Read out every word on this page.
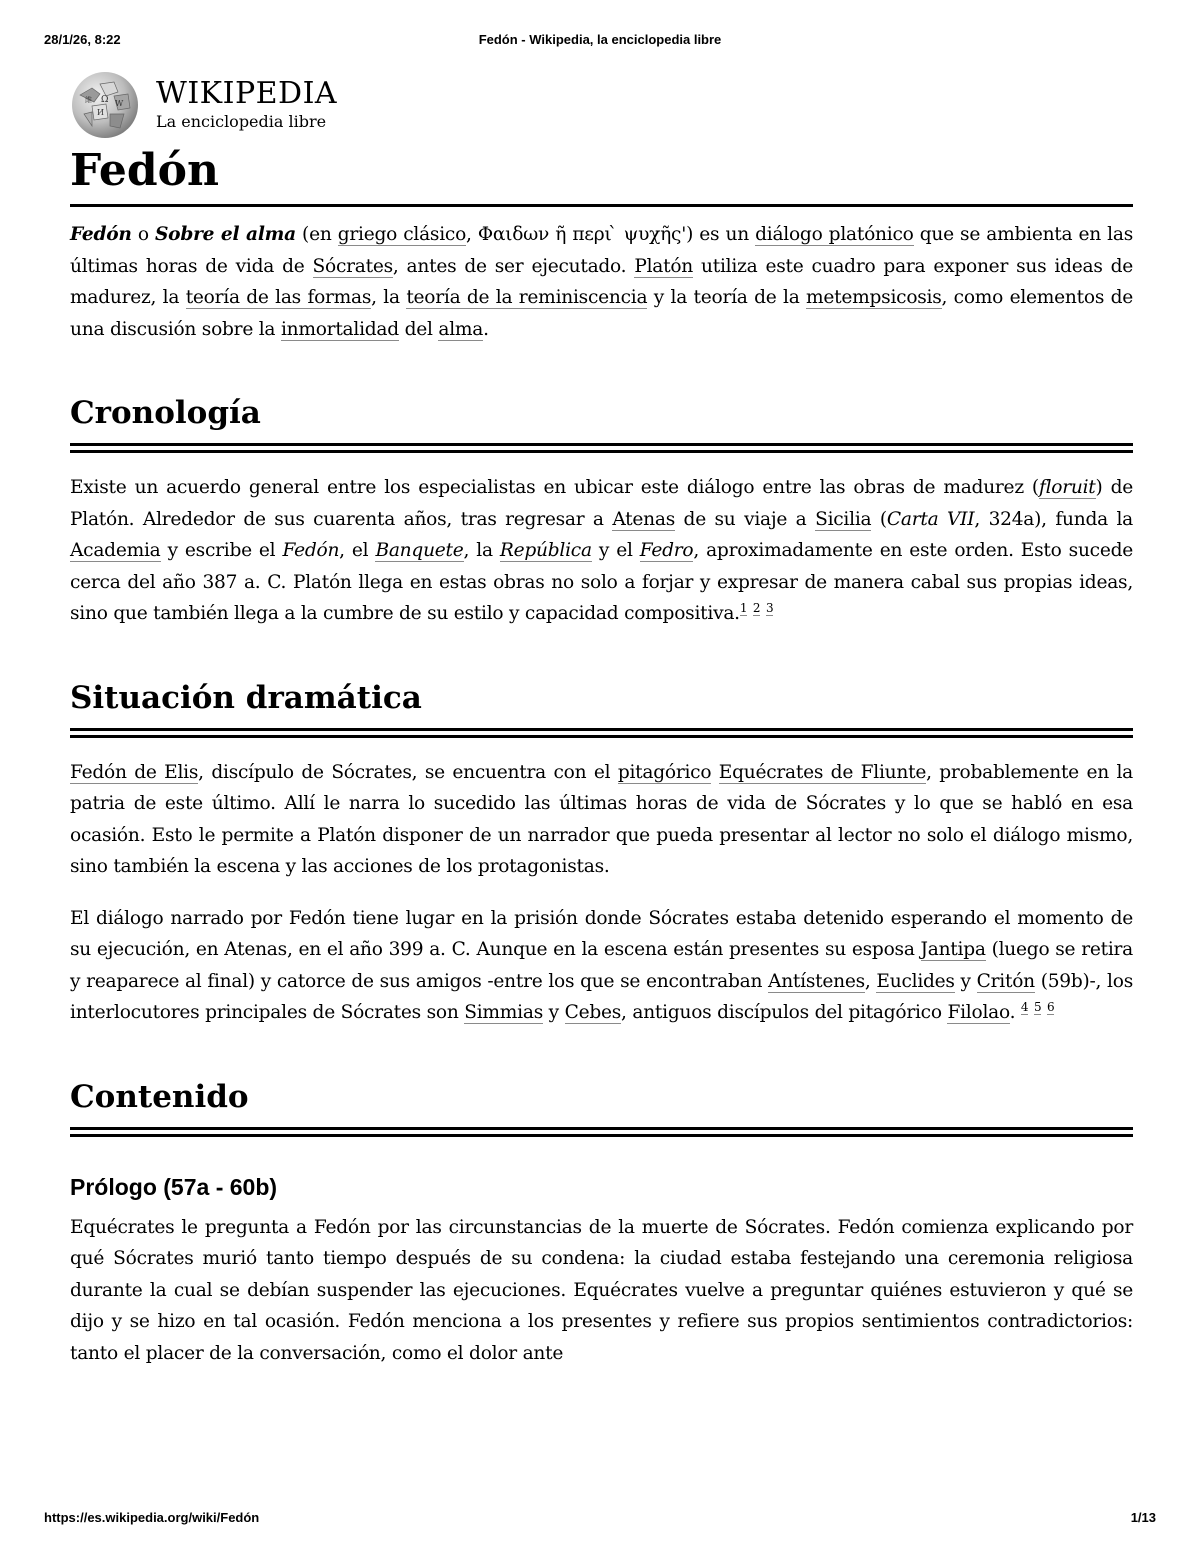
28/1/26, 8:22	Fedón - Wikipedia, la enciclopedia libre
Ω W
И
維 WIKIPEDIA
La enciclopedia libre
Fedón

Fedón o Sobre el alma (en griego clásico, Φαιδων ῆ περι ̀ ψυχῆς') es un diálogo platónico que se ambienta en las últimas horas de vida de Sócrates, antes de ser ejecutado. Platón utiliza este cuadro para exponer sus ideas de madurez, la teoría de las formas, la teoría de la reminiscencia y la teoría de la metempsicosis, como elementos de una discusión sobre la inmortalidad del alma.

Cronología

Existe un acuerdo general entre los especialistas en ubicar este diálogo entre las obras de madurez (floruit) de Platón. Alrededor de sus cuarenta años, tras regresar a Atenas de su viaje a Sicilia (Carta VII, 324a), funda la Academia y escribe el Fedón, el Banquete, la República y el Fedro, aproximadamente en este orden. Esto sucede cerca del año 387 a. C. Platón llega en estas obras no solo a forjar y expresar de manera cabal sus propias ideas, sino que también llega a la cumbre de su estilo y capacidad compositiva.$^1$ $^2$ $^3$

Situación dramática

Fedón de Elis, discípulo de Sócrates, se encuentra con el pitagórico Equécrates de Fliunte, probablemente en la patria de este último. Allí le narra lo sucedido las últimas horas de vida de Sócrates y lo que se habló en esa ocasión. Esto le permite a Platón disponer de un narrador que pueda presentar al lector no solo el diálogo mismo, sino también la escena y las acciones de los protagonistas.

El diálogo narrado por Fedón tiene lugar en la prisión donde Sócrates estaba detenido esperando el momento de su ejecución, en Atenas, en el año 399 a. C. Aunque en la escena están presentes su esposa Jantipa (luego se retira y reaparece al final) y catorce de sus amigos -entre los que se encontraban Antístenes, Euclides y Critón (59b)-, los interlocutores principales de Sócrates son Simmias y Cebes, antiguos discípulos del pitagórico Filolao. $^4$ $^5$ $^6$

Contenido
Prólogo (57a - 60b)

Equécrates le pregunta a Fedón por las circunstancias de la muerte de Sócrates. Fedón comienza explicando por qué Sócrates murió tanto tiempo después de su condena: la ciudad estaba festejando una ceremonia religiosa durante la cual se debían suspender las ejecuciones. Equécrates vuelve a preguntar quiénes estuvieron y qué se dijo y se hizo en tal ocasión. Fedón menciona a los presentes y refiere sus propios sentimientos contradictorios: tanto el placer de la conversación, como el dolor ante

https://es.wikipedia.org/wiki/Fedón	1/13
